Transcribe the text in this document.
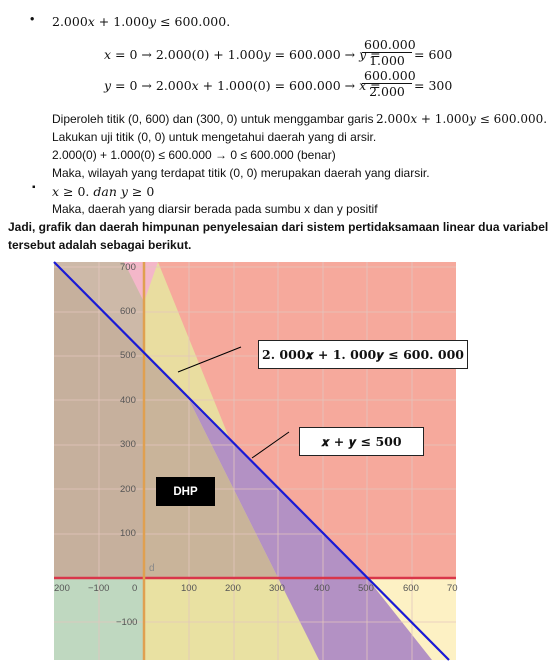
• 2.000𝑥 + 1.000𝑦 ≤ 600.000.
𝑥 = 0 → 2.000(0) + 1.000𝑦 = 600.000 → 𝑦 =
$\frac{600.000}{1.000} = 600$
𝑦 = 0 → 2.000𝑥 + 1.000(0) = 600.000 → 𝑥 =
$\frac{600.000}{2.000} = 300$
Diperoleh titik (0, 600) dan (300, 0) untuk menggambar garis 2.000𝑥 + 1.000𝑦 ≤ 600.000.
Lakukan uji titik (0, 0) untuk mengetahui daerah yang di arsir.
2.000(0) + 1.000(0) ≤ 600.000 → 0 ≤ 600.000 (benar)
Maka, wilayah yang terdapat titik (0, 0) merupakan daerah yang diarsir.
▪ 𝑥 ≥ 0. 𝑑𝑎𝑛 𝑦 ≥ 0
Maka, daerah yang diarsir berada pada sumbu x dan y positif
Jadi, grafik dan daerah himpunan penyelesaian dari sistem pertidaksamaan linear dua variabel
tersebut adalah sebagai berikut.
700
600
500
400
300
200
100
−100
200 −100 0	100	200	300	400	500	600	70
d
𝟐. 𝟎𝟎𝟎𝒙 + 𝟏. 𝟎𝟎𝟎𝒚 ≤ 𝟔𝟎𝟎. 𝟎𝟎𝟎
𝒙 + 𝒚 ≤ 𝟓𝟎𝟎
DHP
